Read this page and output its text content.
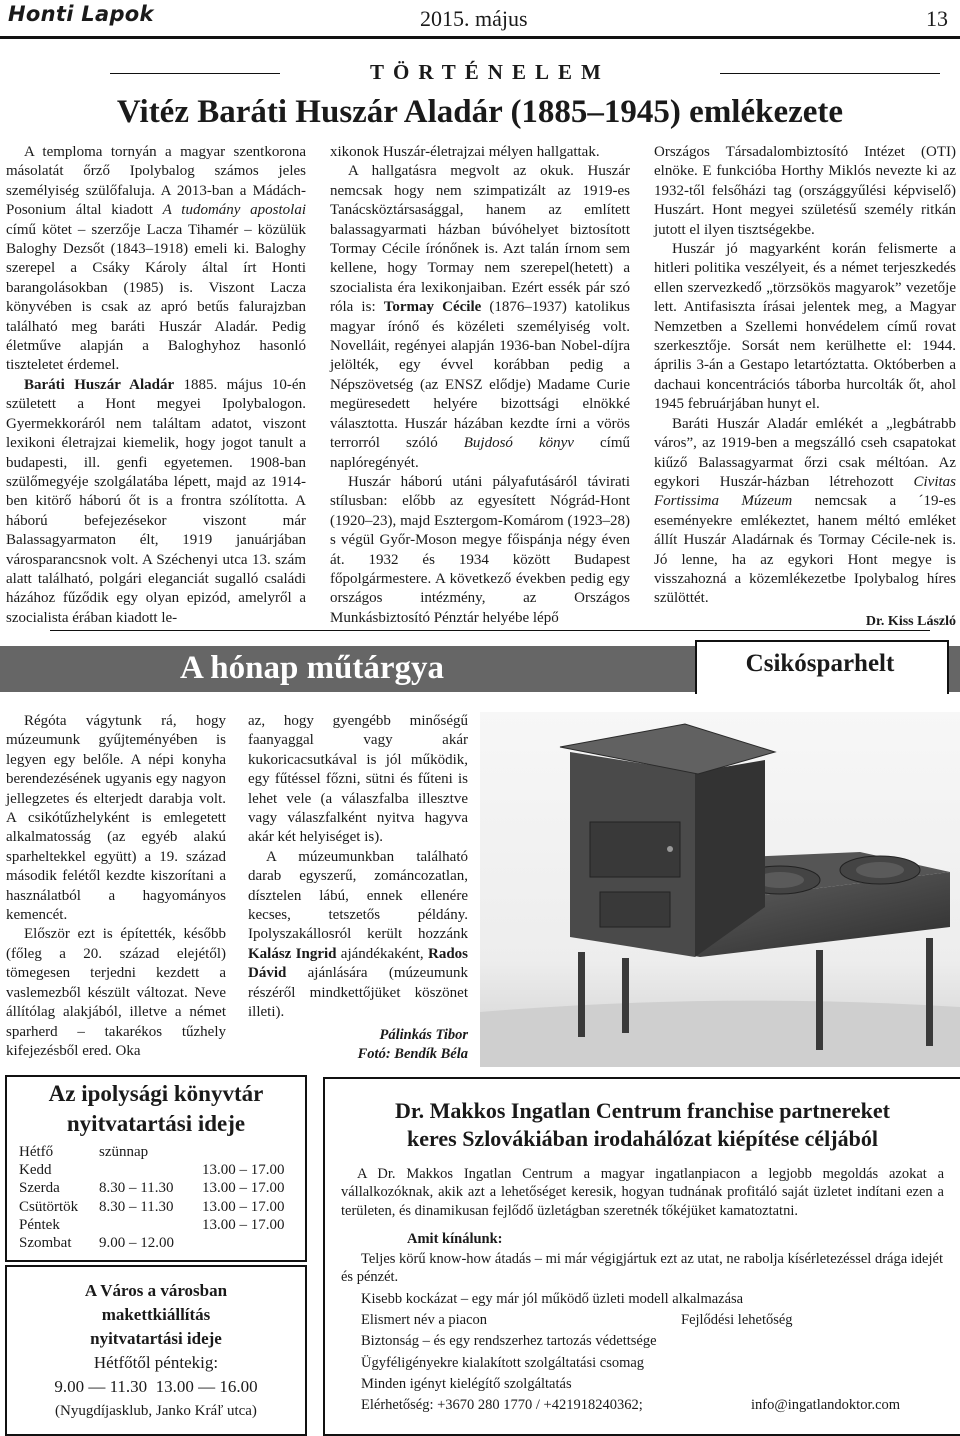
Honti Lapok	2015. május	13
TÖRTÉNELEM
Vitéz Baráti Huszár Aladár (1885–1945) emlékezete

A temploma tornyán a magyar szentkorona másolatát őrző Ipolybalog számos jeles személyiség szülőfaluja. A 2013-ban a Mádách-Posonium által kiadott A tudomány apostolai című kötet – szerzője Lacza Tihamér – közülük Baloghy Dezsőt (1843–1918) emeli ki. Baloghy szerepel a Csáky Károly által írt Honti barangolásokban (1985) is. Viszont Lacza könyvében is csak az apró betűs falurajzban található meg baráti Huszár Aladár. Pedig életműve alapján a Baloghyhoz hasonló tiszteletet érdemel.

Baráti Huszár Aladár 1885. május 10-én született a Hont megyei Ipolybalogon. Gyermekkoráról nem találtam adatot, viszont lexikoni életrajzai kiemelik, hogy jogot tanult a budapesti, ill. genfi egyetemen. 1908-ban szülőmegyéje szolgálatába lépett, majd az 1914-ben kitörő háború őt is a frontra szólította. A háború befejezésekor viszont már Balassagyarmaton élt, 1919 januárjában városparancsnok volt. A Széchenyi utca 13. szám alatt található, polgári eleganciát sugalló családi házához fűződik egy olyan epizód, amelyről a szocialista érában kiadott le-

xikonok Huszár-életrajzai mélyen hallgattak.

A hallgatásra megvolt az okuk. Huszár nemcsak hogy nem szimpatizált az 1919-es Tanácsköztársasággal, hanem az említett balassagyarmati házban búvóhelyet biztosított Tormay Cécile írónőnek is. Azt talán írnom sem kellene, hogy Tormay nem szerepel(hetett) a szocialista éra lexikonjaiban. Ezért essék pár szó róla is: Tormay Cécile (1876–1937) katolikus magyar írónő és közéleti személyiség volt. Novelláit, regényei alapján 1936-ban Nobel-díjra jelölték, egy évvel korábban pedig a Népszövetség (az ENSZ elődje) Madame Curie megüresedett helyére bizottsági elnökké választotta. Huszár házában kezdte írni a vörös terrorról szóló Bujdosó könyv című naplóregényét.

Huszár háború utáni pályafutásáról távirati stílusban: előbb az egyesített Nógrád-Hont (1920–23), majd Esztergom-Komárom (1923–28) s végül Győr-Moson megye főispánja négy éven át. 1932 és 1934 között Budapest főpolgármestere. A következő években pedig egy országos intézmény, az Országos Munkásbiztosító Pénztár helyébe lépő

Országos Társadalombiztosító Intézet (OTI) elnöke. E funkcióba Horthy Miklós nevezte ki az 1932-től felsőházi tag (országgyűlési képviselő) Huszárt. Hont megyei születésű személy ritkán jutott el ilyen tisztségekbe.

Huszár jó magyarként korán felismerte a hitleri politika veszélyeit, és a német terjeszkedés ellen szervezkedő „törzsökös magyarok” vezetője lett. Antifasiszta írásai jelentek meg, a Magyar Nemzetben a Szellemi honvédelem című rovat szerkesztője. Sorsát nem kerülhette el: 1944. április 3-án a Gestapo letartóztatta. Októberben a dachaui koncentrációs táborba hurcolták őt, ahol 1945 februárjában hunyt el.

Baráti Huszár Aladár emlékét a „legbátrabb város”, az 1919-ben a megszálló cseh csapatokat kiűző Balassagyarmat őrzi csak méltóan. Az egykori Huszár-házban létrehozott Civitas Fortissima Múzeum nemcsak a ´19-es eseményekre emlékeztet, hanem méltó emléket állít Huszár Aladárnak és Tormay Cécile-nek is. Jó lenne, ha az egykori Hont megye is visszahozná a közemlékezetbe Ipolybalog híres szülöttét.

Dr. Kiss László
A hónap műtárgya	Csikósparhelt

Régóta vágytunk rá, hogy múzeumunk gyűjteményében is legyen egy belőle. A népi konyha berendezésének ugyanis egy nagyon jellegzetes és elterjedt darabja volt. A csikótűzhelyként is emlegetett alkalmatosság (az egyéb alakú sparheltekkel együtt) a 19. század második felétől kezdte kiszorítani a használatból a hagyományos kemencét.

Először ezt is építették, később (főleg a 20. század elejétől) tömegesen terjedni kezdett a vaslemezből készült változat. Neve állítólag alakjából, illetve a német sparherd – takarékos tűzhely kifejezésből ered. Oka

az, hogy gyengébb minőségű faanyaggal vagy akár kukoricacsutkával is jól működik, egy fűtéssel főzni, sütni és fűteni is lehet vele (a válaszfalba illesztve vagy válaszfalként nyitva hagyva akár két helyiséget is).

A múzeumunkban található darab egyszerű, zománcozatlan, dísztelen lábú, ennek ellenére kecses, tetszetős példány. Ipolyszakállosról került hozzánk Kalász Ingrid ajándékaként, Rados Dávid ajánlására (múzeumunk részéről mindkettőjüket köszönet illeti).

Pálinkás Tibor
Fotó: Bendík Béla
Az ipolysági könyvtár
nyitvatartási ideje
Hétfő	szünnap	
Kedd		13.00 – 17.00
Szerda	8.30 – 11.30	13.00 – 17.00
Csütörtök	8.30 – 11.30	13.00 – 17.00
Péntek		13.00 – 17.00
Szombat	9.00 – 12.00	
A Város a városban
makettkiállítás
nyitvatartási ideje
Hétfőtől péntekig:
9.00 — 11.30  13.00 — 16.00
(Nyugdíjasklub, Janko Kráľ utca)
Dr. Makkos Ingatlan Centrum franchise partnereket
keres Szlovákiában irodahálózat kiépítése céljából
A Dr. Makkos Ingatlan Centrum a magyar ingatlanpiacon a legjobb megoldás azokat a vállalkozóknak, akik azt a lehetőséget keresik, hogyan tudnának profitáló saját üzletet indítani ezen a területen, és dinamikusan fejlődő üzletágban szeretnék tőkéjüket kamatoztatni.
Amit kínálunk:
Teljes körű know-how átadás – mi már végigjártuk ezt az utat, ne rabolja kísérletezéssel drága idejét és pénzét.
Kisebb kockázat – egy már jól működő üzleti modell alkalmazása
Elismert név a piacon	Fejlődési lehetőség
Biztonság – és egy rendszerhez tartozás védettsége
Ügyféligényekre kialakított szolgáltatási csomag
Minden igényt kielégítő szolgáltatás
Elérhetőség: +3670 280 1770 / +421918240362;	info@ingatlandoktor.com
